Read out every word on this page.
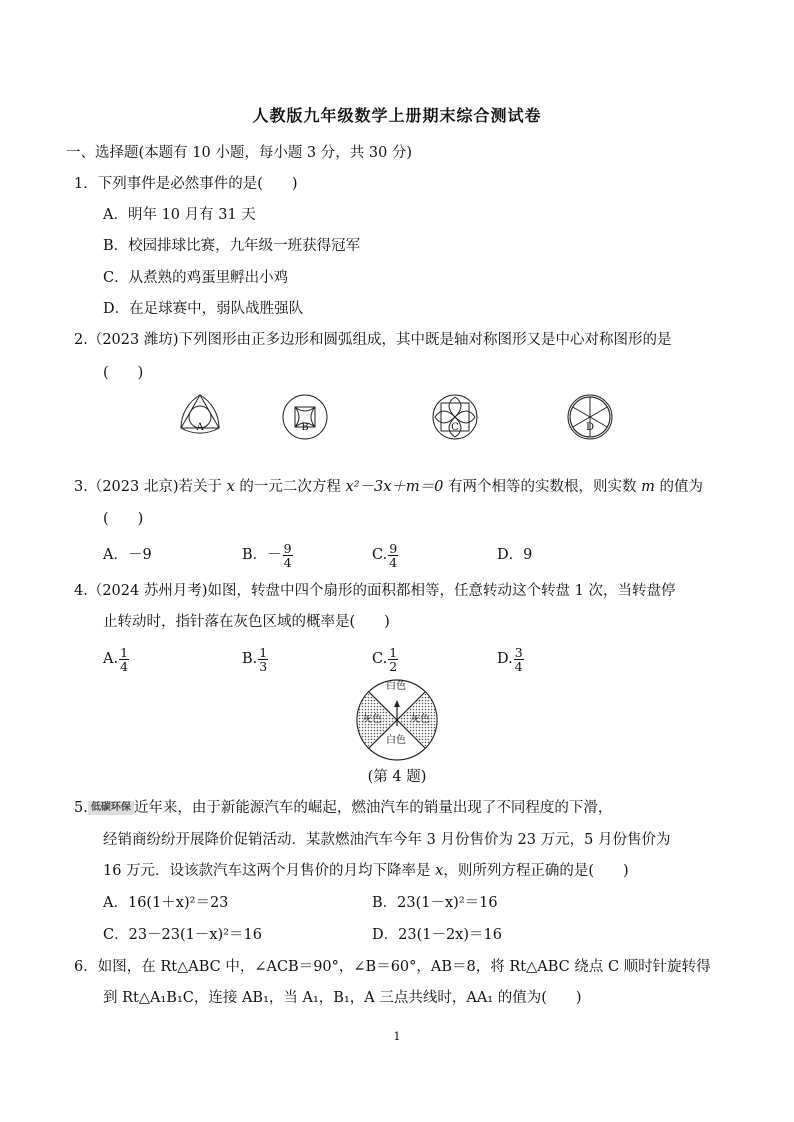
人教版九年级数学上册期末综合测试卷
一、选择题(本题有 10 小题，每小题 3 分，共 30 分)
1．下列事件是必然事件的是(　　)
A．明年 10 月有 31 天
B．校园排球比赛，九年级一班获得冠军
C．从煮熟的鸡蛋里孵出小鸡
D．在足球赛中，弱队战胜强队
2.（2023 潍坊)下列图形由正多边形和圆弧组成，其中既是轴对称图形又是中心对称图形的是
(　　)
A	B	C	D
3.（2023 北京)若关于 x 的一元二次方程 x²－3x＋m＝0 有两个相等的实数根，则实数 m 的值为
(　　)
A．－9	B．－ $\frac{9}{4}$	C. $\frac{9}{4}$	D．9
4.（2024 苏州月考)如图，转盘中四个扇形的面积都相等，任意转动这个转盘 1 次，当转盘停
止转动时，指针落在灰色区域的概率是(　　)
A. $\frac{1}{4}$	B. $\frac{1}{3}$	C. $\frac{1}{2}$	D. $\frac{3}{4}$
白色
白色
灰色	灰色
(第 4 题)
5. 低碳环保 近年来，由于新能源汽车的崛起，燃油汽车的销量出现了不同程度的下滑，
经销商纷纷开展降价促销活动．某款燃油汽车今年 3 月份售价为 23 万元，5 月份售价为
16 万元．设该款汽车这两个月售价的月均下降率是 x，则所列方程正确的是(　　)
A．16(1＋x)²＝23	B．23(1－x)²＝16
C．23－23(1－x)²＝16	D．23(1－2x)＝16
6．如图，在 Rt△ABC 中，∠ACB＝90°，∠B＝60°，AB＝8，将 Rt△ABC 绕点 C 顺时针旋转得
到 Rt△A₁B₁C，连接 AB₁，当 A₁，B₁，A 三点共线时，AA₁ 的值为(　　)
1
